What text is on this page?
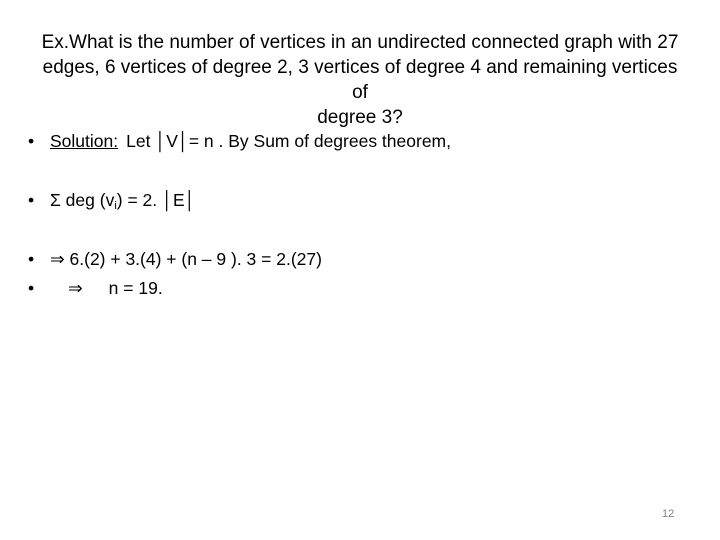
Ex.What is the number of vertices in an undirected connected graph with 27
edges, 6 vertices of degree 2, 3 vertices of degree 4 and remaining vertices of
degree 3?
• Solution: Let │V│= n . By Sum of degrees theorem,
• Σ deg $(v_i) = 2$. │E│
• ⇒ 6.(2) + 3.(4) + (n – 9 ). 3 = 2.(27)
• ⇒ n = 19.
12
